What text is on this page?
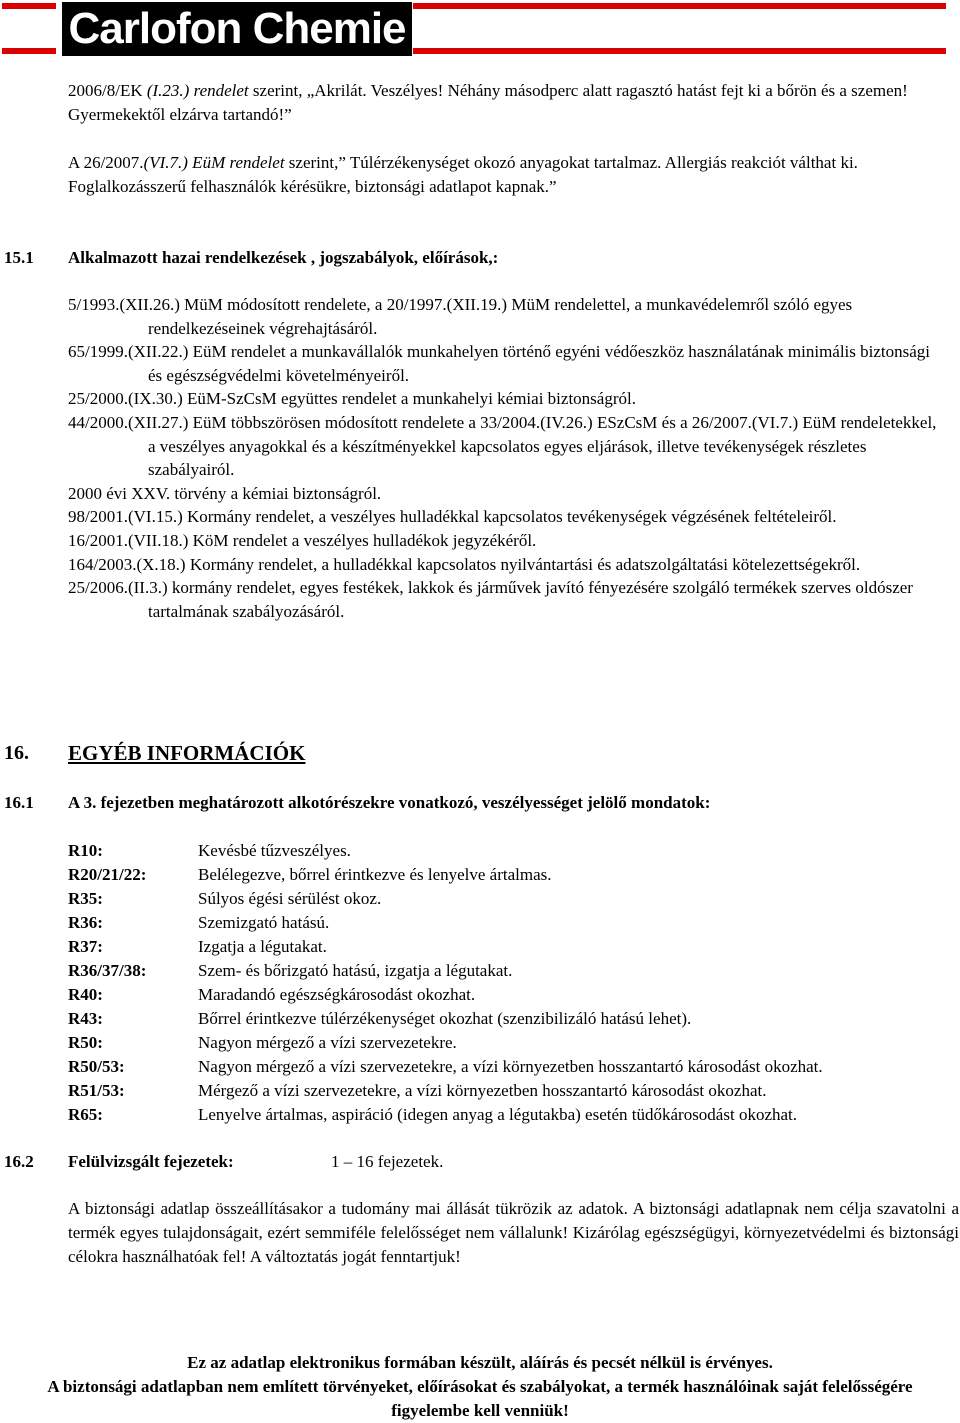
Carlofon Chemie
2006/8/EK (I.23.) rendelet szerint, „Akrilát. Veszélyes! Néhány másodperc alatt ragasztó hatást fejt ki a bőrön és a szemen! Gyermekektől elzárva tartandó!”
A 26/2007.(VI.7.) EüM rendelet szerint,” Túlérzékenységet okozó anyagokat tartalmaz. Allergiás reakciót válthat ki. Foglalkozásszerű felhasználók kérésükre, biztonsági adatlapot kapnak.”
15.1 Alkalmazott hazai rendelkezések , jogszabályok, előírások,:
5/1993.(XII.26.) MüM módosított rendelete, a 20/1997.(XII.19.) MüM rendelettel, a munkavédelemről szóló egyes rendelkezéseinek végrehajtásáról.
65/1999.(XII.22.) EüM rendelet a munkavállalók munkahelyen történő egyéni védőeszköz használatának minimális biztonsági és egészségvédelmi követelményeiről.
25/2000.(IX.30.) EüM-SzCsM együttes rendelet a munkahelyi kémiai biztonságról.
44/2000.(XII.27.) EüM többszörösen módosított rendelete a 33/2004.(IV.26.) ESzCsM és a 26/2007.(VI.7.) EüM rendeletekkel, a veszélyes anyagokkal és a készítményekkel kapcsolatos egyes eljárások, illetve tevékenységek részletes szabályairól.
2000 évi XXV. törvény a kémiai biztonságról.
98/2001.(VI.15.) Kormány rendelet, a veszélyes hulladékkal kapcsolatos tevékenységek végzésének feltételeiről.
16/2001.(VII.18.) KöM rendelet a veszélyes hulladékok jegyzékéről.
164/2003.(X.18.) Kormány rendelet, a hulladékkal kapcsolatos nyilvántartási és adatszolgáltatási kötelezettségekről.
25/2006.(II.3.) kormány rendelet, egyes festékek, lakkok és járművek javító fényezésére szolgáló termékek szerves oldószer tartalmának szabályozásáról.
16. EGYÉB INFORMÁCIÓK
16.1 A 3. fejezetben meghatározott alkotórészekre vonatkozó, veszélyességet jelölő mondatok:
R10:	Kevésbé tűzveszélyes.
R20/21/22:	Belélegezve, bőrrel érintkezve és lenyelve ártalmas.
R35:	Súlyos égési sérülést okoz.
R36:	Szemizgató hatású.
R37:	Izgatja a légutakat.
R36/37/38:	Szem- és bőrizgató hatású, izgatja a légutakat.
R40:	Maradandó egészségkárosodást okozhat.
R43:	Bőrrel érintkezve túlérzékenységet okozhat (szenzibilizáló hatású lehet).
R50:	Nagyon mérgező a vízi szervezetekre.
R50/53:	Nagyon mérgező a vízi szervezetekre, a vízi környezetben hosszantartó károsodást okozhat.
R51/53:	Mérgező a vízi szervezetekre, a vízi környezetben hosszantartó károsodást okozhat.
R65:	Lenyelve ártalmas, aspiráció (idegen anyag a légutakba) esetén tüdőkárosodást okozhat.
16.2 Felülvizsgált fejezetek:	1 – 16 fejezetek.
A biztonsági adatlap összeállításakor a tudomány mai állását tükrözik az adatok. A biztonsági adatlapnak nem célja szavatolni a termék egyes tulajdonságait, ezért semmiféle felelősséget nem vállalunk! Kizárólag egészségügyi, környezetvédelmi és biztonsági célokra használhatóak fel! A változtatás jogát fenntartjuk!
Ez az adatlap elektronikus formában készült, aláírás és pecsét nélkül is érvényes.
A biztonsági adatlapban nem említett törvényeket, előírásokat és szabályokat, a termék használóinak saját felelősségére figyelembe kell venniük!
